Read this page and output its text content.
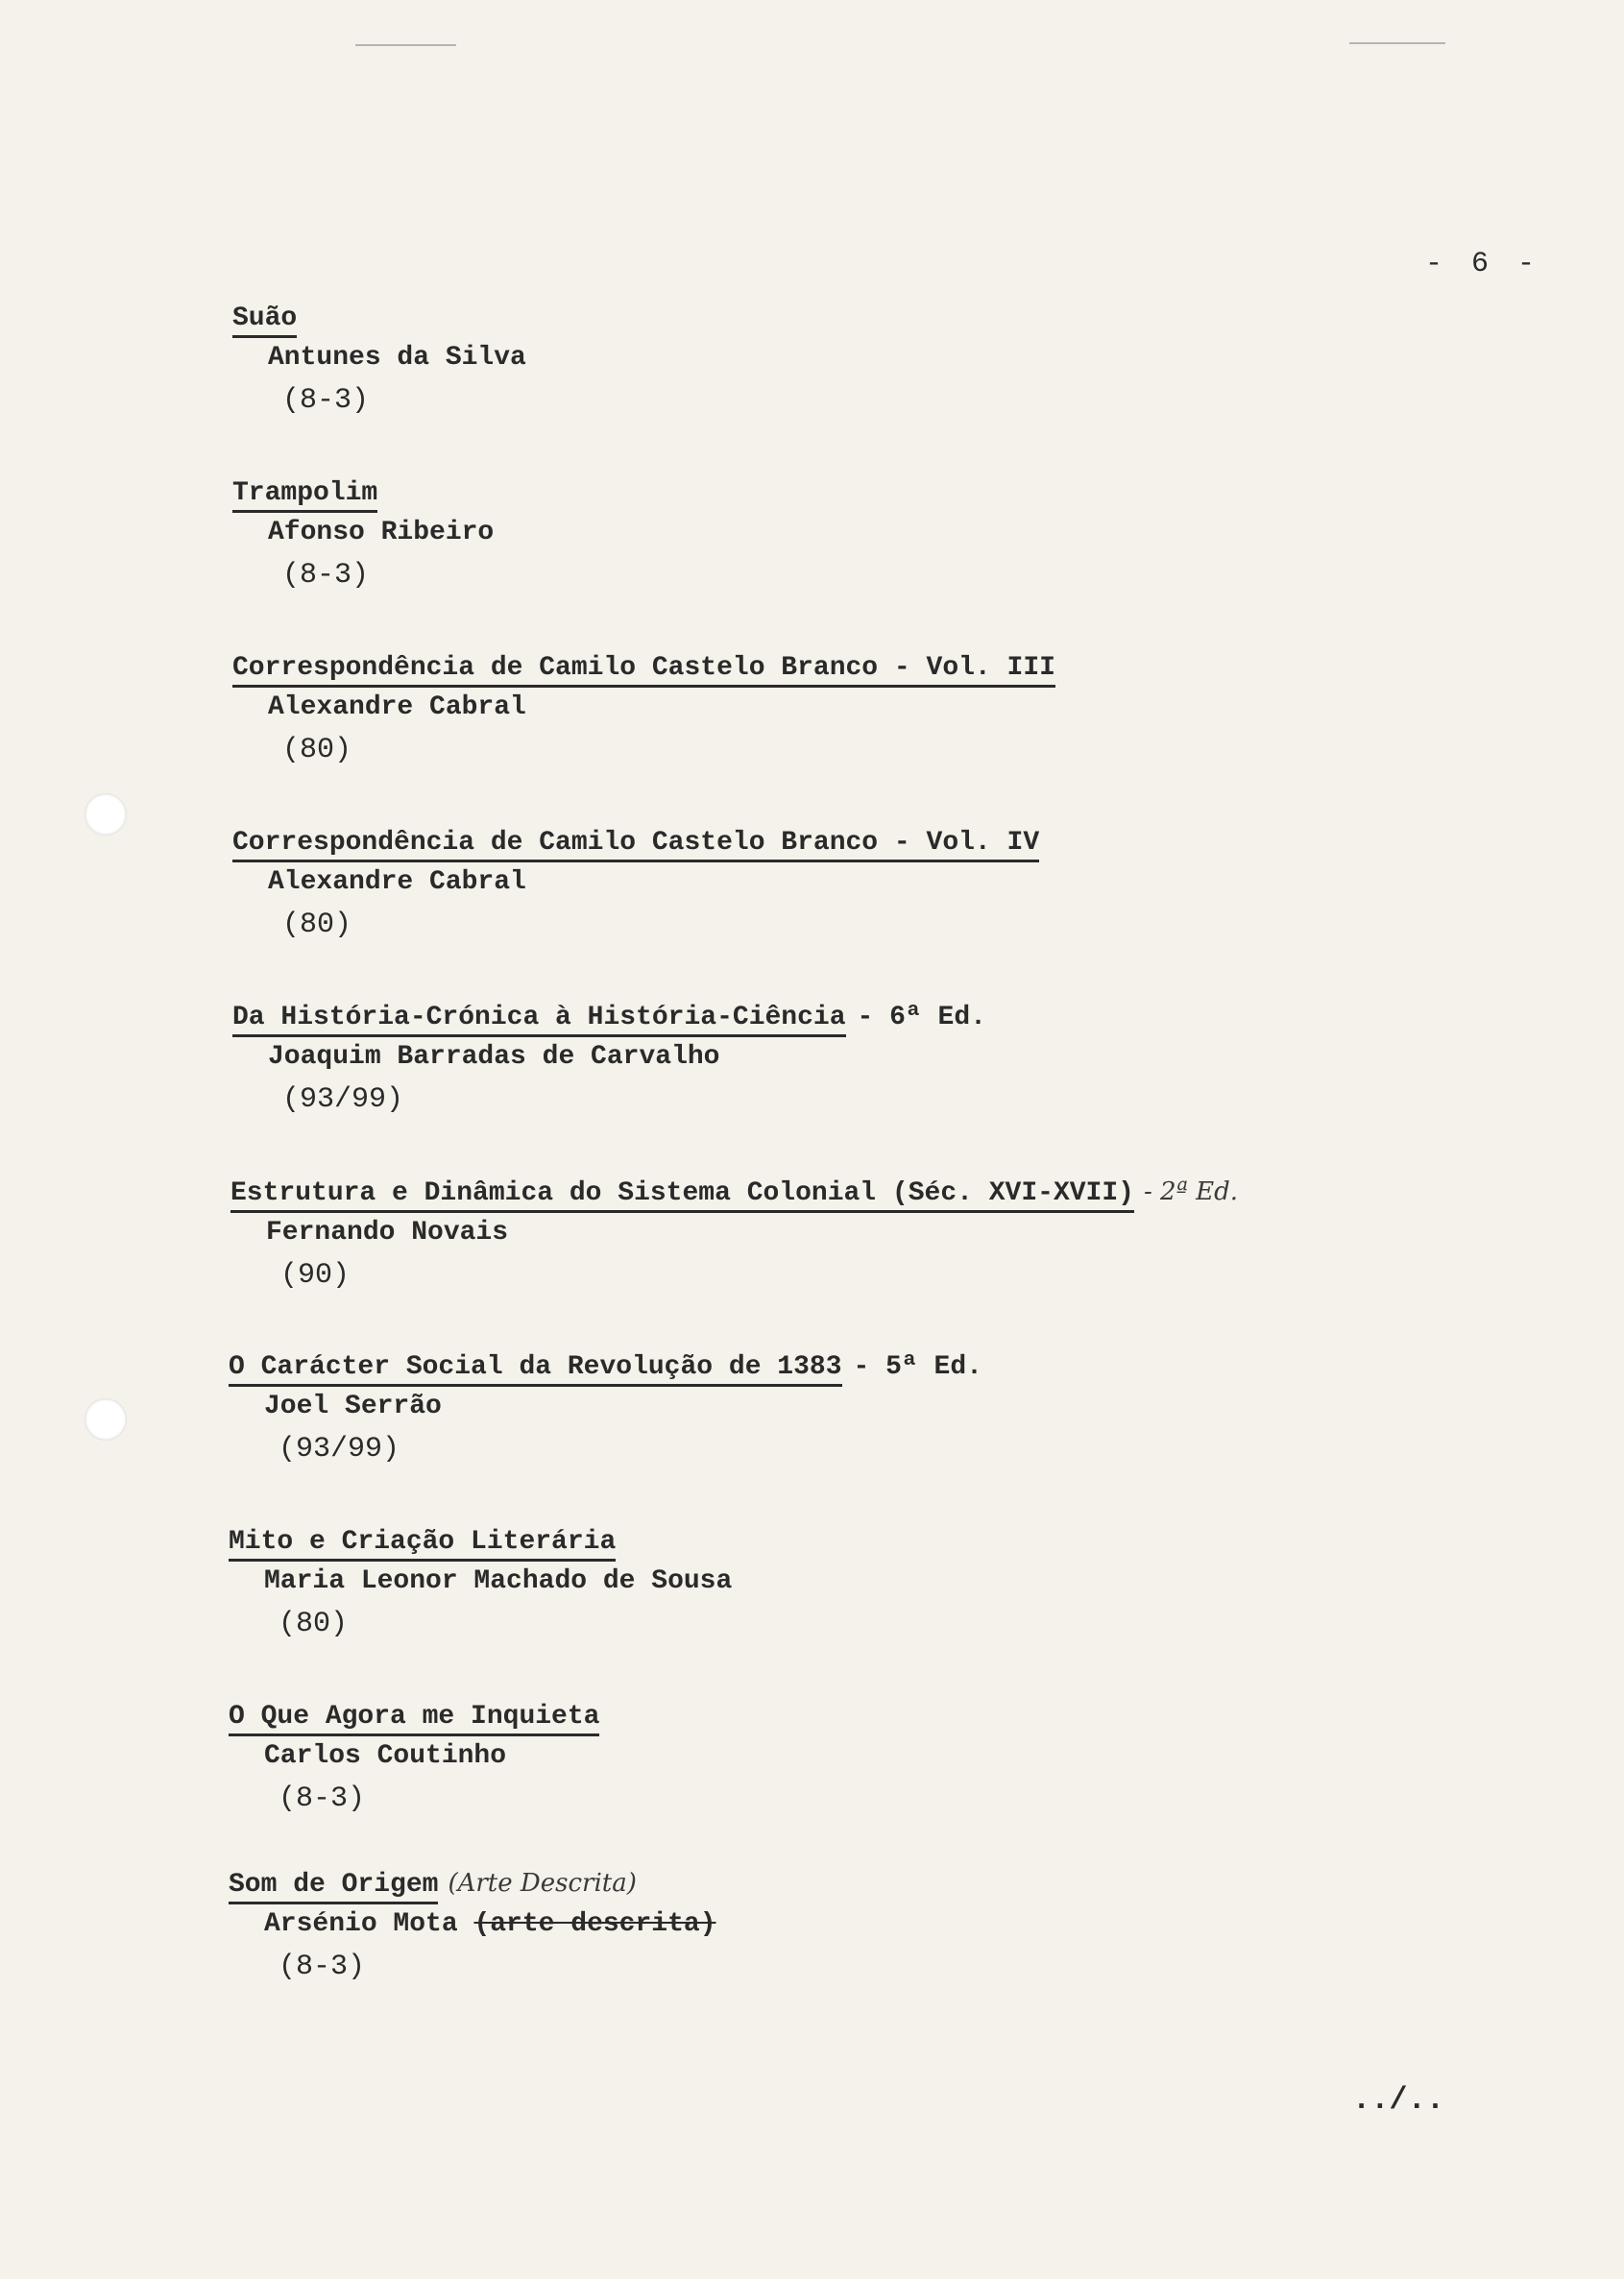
- 6 -
Suão
Antunes da Silva
(8-3)
Trampolim
Afonso Ribeiro
(8-3)
Correspondência de Camilo Castelo Branco - Vol. III
Alexandre Cabral
(80)
Correspondência de Camilo Castelo Branco - Vol. IV
Alexandre Cabral
(80)
Da História-Crónica à História-Ciência - 6ª Ed.
Joaquim Barradas de Carvalho
(93/99)
Estrutura e Dinâmica do Sistema Colonial (Séc. XVI-XVII) - 2ª Ed.
Fernando Novais
(90)
O Carácter Social da Revolução de 1383 - 5ª Ed.
Joel Serrão
(93/99)
Mito e Criação Literária
Maria Leonor Machado de Sousa
(80)
O Que Agora me Inquieta
Carlos Coutinho
(8-3)
Som de Origem (Arte Descrita)
Arsénio Mota (arte descrita)
(8-3)
../..
